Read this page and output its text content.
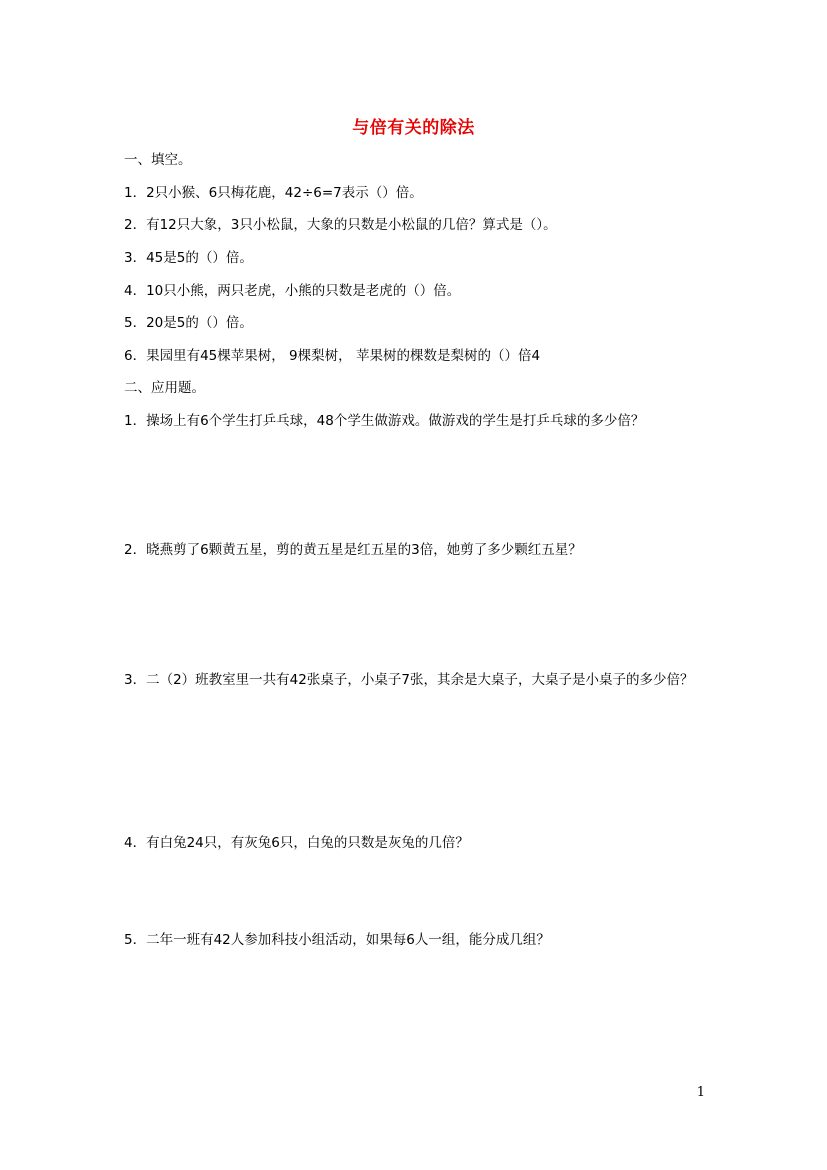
与倍有关的除法
一、填空。
1．2只小猴、6只梅花鹿，42÷6=7表示（）倍。
2．有12只大象，3只小松鼠，大象的只数是小松鼠的几倍？算式是（）。
3．45是5的（）倍。
4．10只小熊，两只老虎，小熊的只数是老虎的（）倍。
5．20是5的（）倍。
6．果园里有45棵苹果树， 9棵梨树， 苹果树的棵数是梨树的（）倍4
二、应用题。
1．操场上有6个学生打乒乓球，48个学生做游戏。做游戏的学生是打乒乓球的多少倍？
2．晓燕剪了6颗黄五星，剪的黄五星是红五星的3倍，她剪了多少颗红五星？
3．二（2）班教室里一共有42张桌子，小桌子7张，其余是大桌子，大桌子是小桌子的多少倍？
4．有白兔24只，有灰兔6只，白兔的只数是灰兔的几倍？
5．二年一班有42人参加科技小组活动，如果每6人一组，能分成几组？
1
